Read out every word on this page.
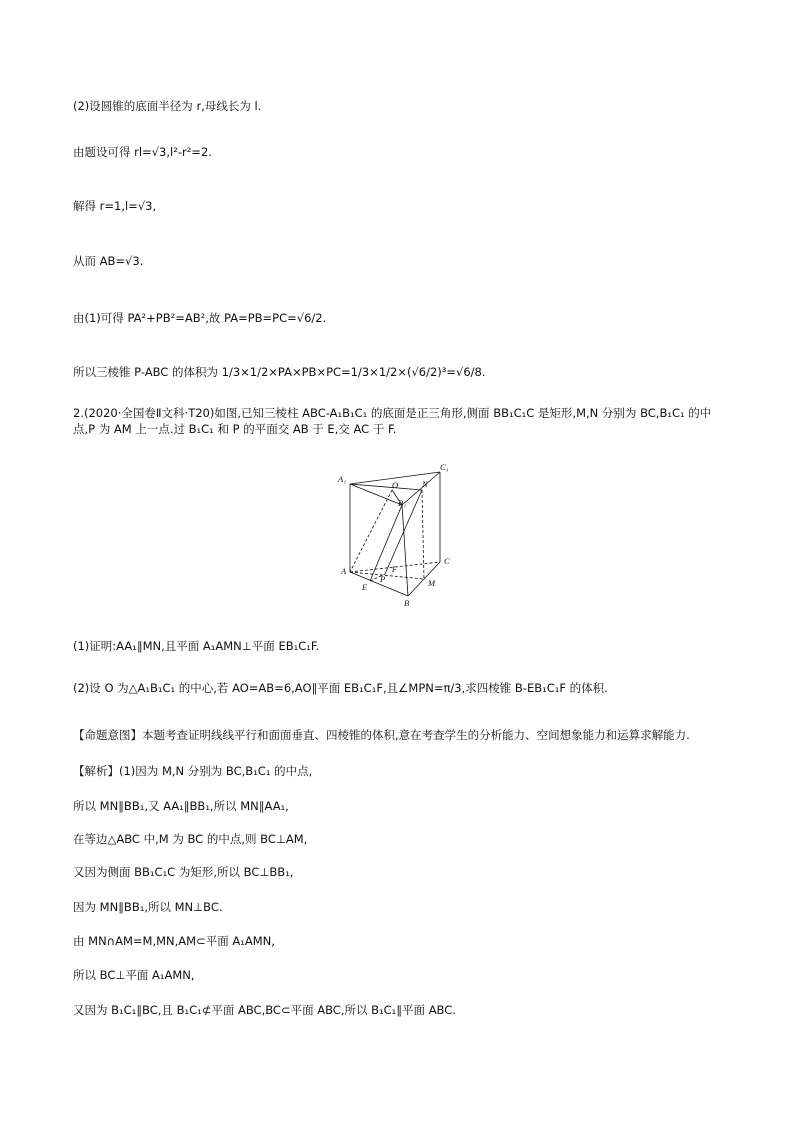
(2)设圆锥的底面半径为 r,母线长为 l.
由题设可得 rl=√3,l²-r²=2.
解得 r=1,l=√3,
从而 AB=√3.
由(1)可得 PA²+PB²=AB²,故 PA=PB=PC=√6/2.
所以三棱锥 P-ABC 的体积为 1/3×1/2×PA×PB×PC=1/3×1/2×(√6/2)³=√6/8.
2.(2020·全国卷Ⅱ文科·T20)如图,已知三棱柱 ABC-A₁B₁C₁ 的底面是正三角形,侧面 BB₁C₁C 是矩形,M,N 分别为 BC,B₁C₁ 的中点,P 为 AM 上一点.过 B₁C₁ 和 P 的平面交 AB 于 E,交 AC 于 F.
A₁
C₁
O	N
B₁
A
C
F
P
E	M
B
(1)证明:AA₁∥MN,且平面 A₁AMN⊥平面 EB₁C₁F.
(2)设 O 为△A₁B₁C₁ 的中心,若 AO=AB=6,AO∥平面 EB₁C₁F,且∠MPN=π/3,求四棱锥 B-EB₁C₁F 的体积.
【命题意图】本题考查证明线线平行和面面垂直、四棱锥的体积,意在考查学生的分析能力、空间想象能力和运算求解能力.
【解析】(1)因为 M,N 分别为 BC,B₁C₁ 的中点,
所以 MN∥BB₁,又 AA₁∥BB₁,所以 MN∥AA₁,
在等边△ABC 中,M 为 BC 的中点,则 BC⊥AM,
又因为侧面 BB₁C₁C 为矩形,所以 BC⊥BB₁,
因为 MN∥BB₁,所以 MN⊥BC.
由 MN∩AM=M,MN,AM⊂平面 A₁AMN,
所以 BC⊥平面 A₁AMN,
又因为 B₁C₁∥BC,且 B₁C₁⊄平面 ABC,BC⊂平面 ABC,所以 B₁C₁∥平面 ABC.
